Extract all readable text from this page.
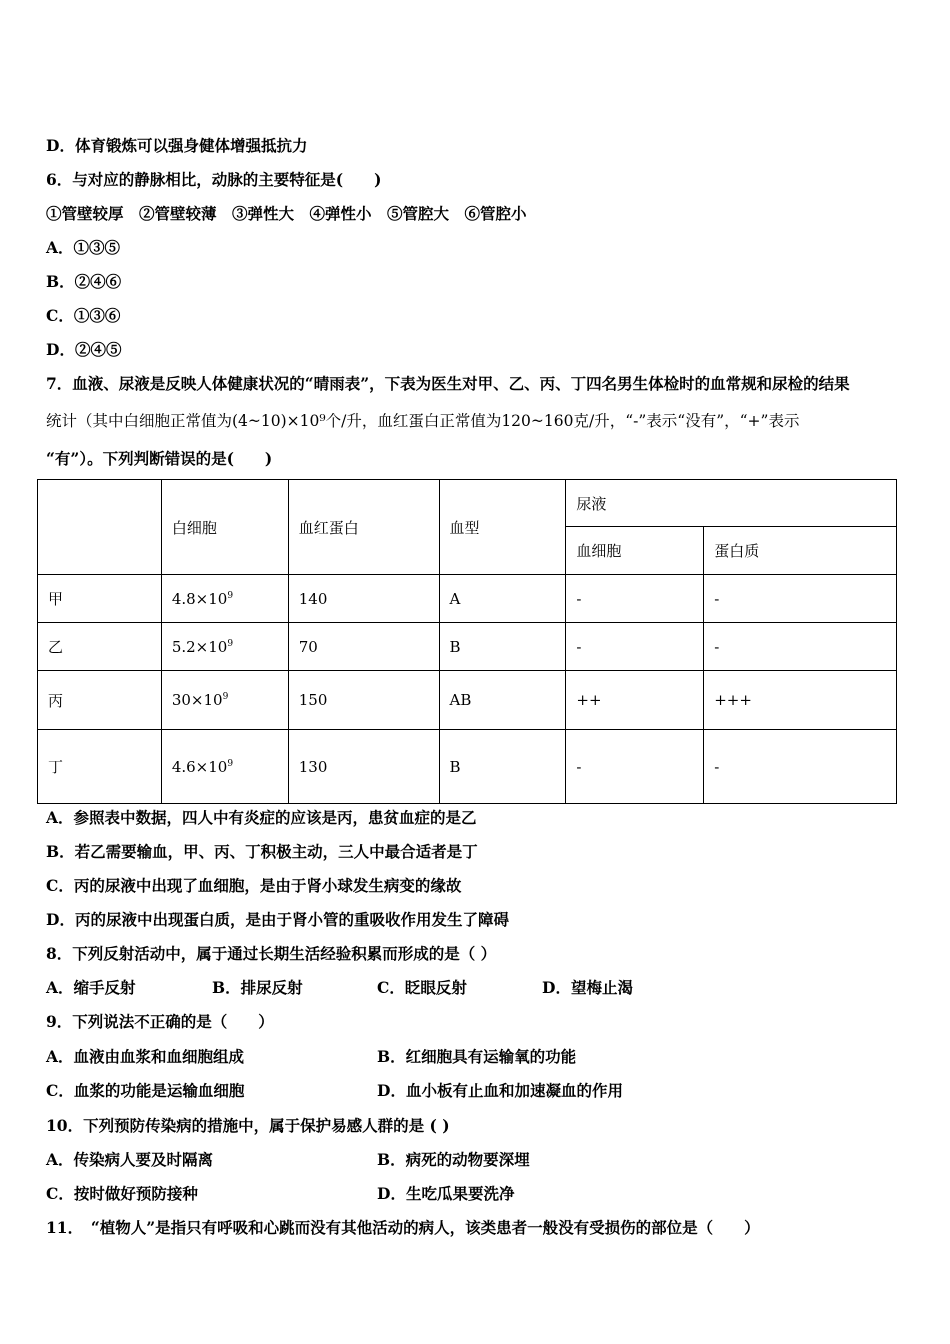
D．体育锻炼可以强身健体增强抵抗力
6．与对应的静脉相比，动脉的主要特征是(　　)
①管壁较厚　②管壁较薄　③弹性大　④弹性小　⑤管腔大　⑥管腔小
A．①③⑤
B．②④⑥
C．①③⑥
D．②④⑤
7．血液、尿液是反映人体健康状况的“晴雨表”，下表为医生对甲、乙、丙、丁四名男生体检时的血常规和尿检的结果
统计（其中白细胞正常值为(4~10)×10⁹个/升，血红蛋白正常值为120~160克/升，“-”表示“没有”，“+”表示
“有”）。下列判断错误的是(　　)
	白细胞	血红蛋白	血型	尿液	
				血细胞	蛋白质
甲	$4.8\times 10^9$	140	A	-	-
乙	$5.2\times 10^9$	70	B	-	-
丙	$30\times 10^9$	150	AB	++	+++
丁	$4.6\times 10^9$	130	B	-	-
A．参照表中数据，四人中有炎症的应该是丙，患贫血症的是乙
B．若乙需要输血，甲、丙、丁积极主动，三人中最合适者是丁
C．丙的尿液中出现了血细胞，是由于肾小球发生病变的缘故
D．丙的尿液中出现蛋白质，是由于肾小管的重吸收作用发生了障碍
8．下列反射活动中，属于通过长期生活经验积累而形成的是（ ）
A．缩手反射	B．排尿反射	C．眨眼反射	D．望梅止渴
9．下列说法不正确的是（　　）
A．血液由血浆和血细胞组成	B．红细胞具有运输氧的功能
C．血浆的功能是运输血细胞	D．血小板有止血和加速凝血的作用
10．下列预防传染病的措施中，属于保护易感人群的是 ( )
A．传染病人要及时隔离	B．病死的动物要深埋
C．按时做好预防接种	D．生吃瓜果要洗净
11．　“植物人”是指只有呼吸和心跳而没有其他活动的病人，该类患者一般没有受损伤的部位是（　　）
